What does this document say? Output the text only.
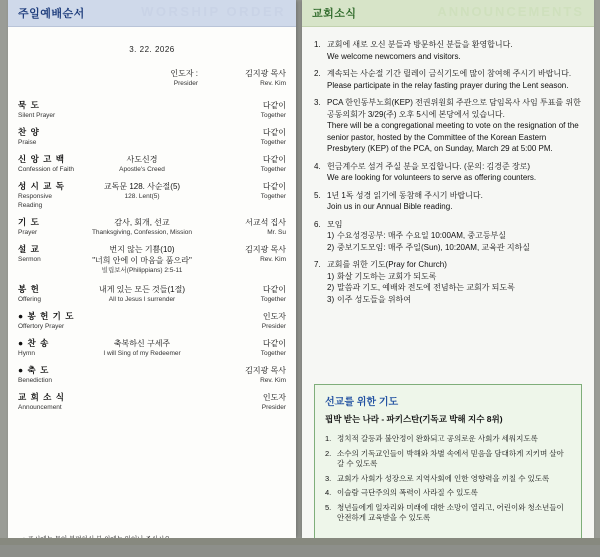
주일예배순서	WORSHIP ORDER
3. 22. 2026
인도자 :
Presider
김지광 목사
Rev. Kim
묵 도
Silent Prayer
다같이
Together
찬 양
Praise
다같이
Together
신 앙 고 백
Confession of Faith
사도신경
Apostle's Creed
다같이
Together
성 시 교 독
Responsive Reading
교독문 128. 사순절(5)
128. Lent(5)
다같이
Together
기 도
Prayer
감사, 회개, 선교
Thanksgiving, Confession, Mission
서교석 집사
Mr. Su
설 교
Sermon
번지 않는 기쁨(10)
"너희 안에 이 마음을 품으라"
빌립보서(Philippians) 2:5-11
김지광 목사
Rev. Kim
봉 헌
Offering
내게 있는 모든 것들(1절)
All to Jesus I surrender
다같이
Together
● 봉 헌 기 도
Offertory Prayer
인도자
Presider
● 찬 송
Hymn
축복하신 구세주
I will Sing of my Redeemer
다같이
Together
● 축 도
Benediction
김지광 목사
Rev. Kim
교 회 소 식
Announcement
인도자
Presider
교회소식	ANNOUNCEMENTS
1. 교회에 새로 오신 분들과 방문하신 분들을 환영합니다.
We welcome newcomers and visitors.
2. 계속되는 사순절 기간 릴레이 금식기도에 많이 참여해 주시기 바랍니다.
Please participate in the relay fasting prayer during the Lent season.
3. PCA 한인동부노회(KEP) 전권위원회 주관으로 담임목사 사임 투표를 위한 공동의회가 3/29(주) 오후 5시에 본당에서 있습니다.
There will be a congregational meeting to vote on the resignation of the senior pastor, hosted by the Committee of the Korean Eastern Presbytery (KEP) of the PCA, on Sunday, March 29 at 5:00 PM.
4. 헌금계수로 섬겨 주실 분을 모집합니다. (문의: 김경준 장로)
We are looking for volunteers to serve as offering counters.
5. 1년 1독 성경 읽기에 동참해 주시기 바랍니다.
Join us in our Annual Bible reading.
6. 모임
1) 수요성경공부: 매주 수요일 10:00AM, 중고등부실
2) 중보기도모임: 매주 주일(Sun), 10:20AM, 교육관 지하실
7. 교회를 위한 기도(Pray for Church)
1) 화살 기도하는 교회가 되도록
2) 말씀과 기도, 예배와 전도에 전념하는 교회가 되도록
3) 이주 성도들을 위하여
선교를 위한 기도
핍박 받는 나라 - 파키스탄(기독교 박해 지수 8위)
1. 정치적 갈등과 불안정이 완화되고 공의로운 사회가 세워지도록
2. 소수의 기독교인들이 박해와 차별 속에서 믿음을 담대하게 지키며 살아갈 수 있도록
3. 교회가 사회가 성장으로 지역사회에 인한 영향력을 끼칠 수 있도록
4. 이슬람 극단주의의 폭력이 사라질 수 있도록
5. 청년들에게 일자리와 미래에 대한 소망이 열리고, 어린이와 청소년들이 안전하게 교육받을 수 있도록
